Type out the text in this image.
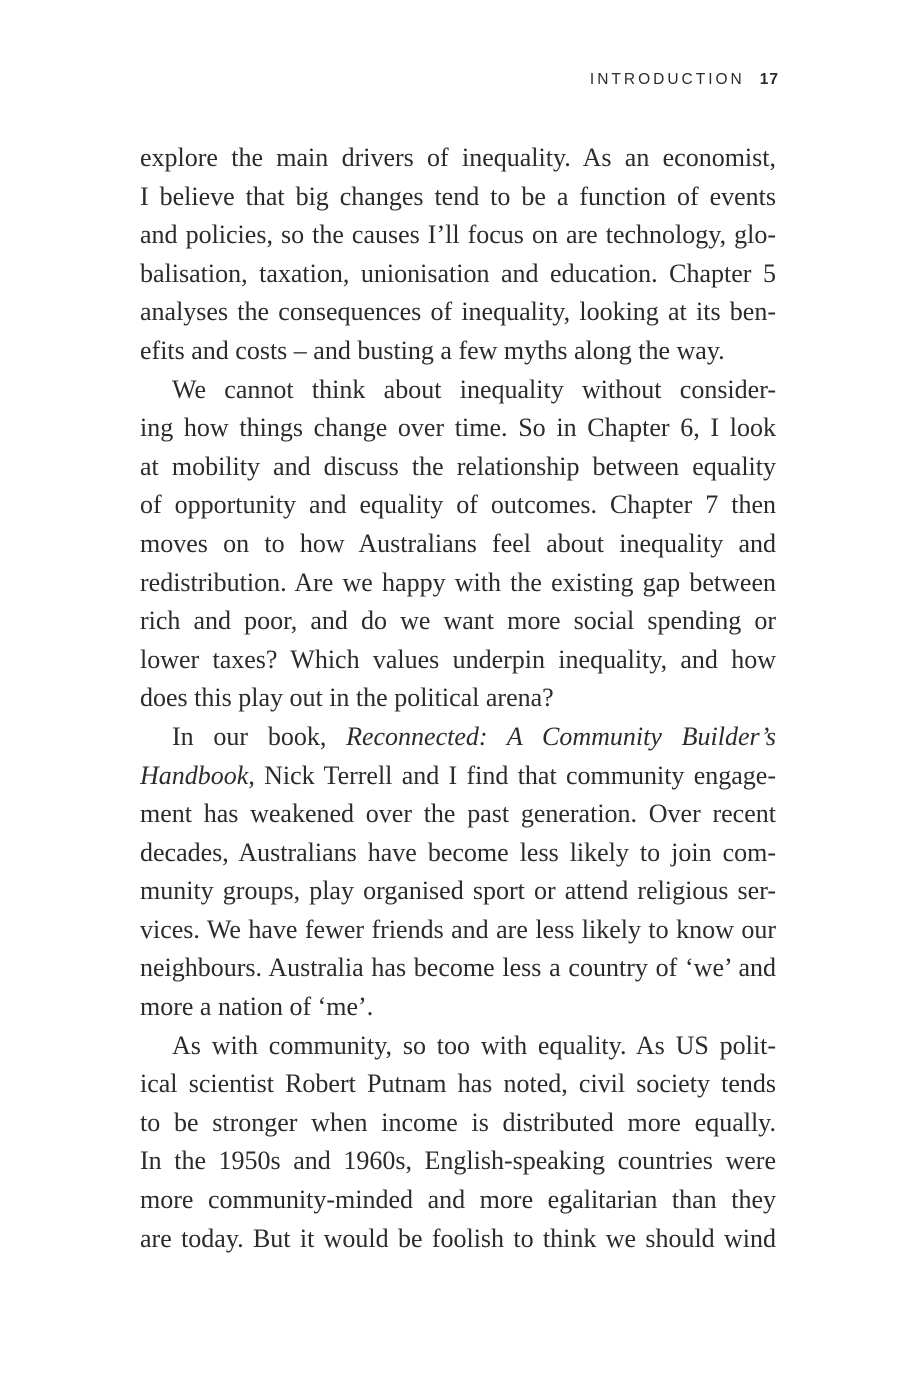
INTRODUCTION 17
explore the main drivers of inequality. As an economist,
I believe that big changes tend to be a function of events
and policies, so the causes I’ll focus on are technology, glo-
balisation, taxation, unionisation and education. Chapter 5
analyses the consequences of inequality, looking at its ben-
efits and costs – and busting a few myths along the way.
We cannot think about inequality without consider-
ing how things change over time. So in Chapter 6, I look
at mobility and discuss the relationship between equality
of opportunity and equality of outcomes. Chapter 7 then
moves on to how Australians feel about inequality and
redistribution. Are we happy with the existing gap between
rich and poor, and do we want more social spending or
lower taxes? Which values underpin inequality, and how
does this play out in the political arena?
In our book, Reconnected: A Community Builder’s
Handbook, Nick Terrell and I find that community engage-
ment has weakened over the past generation. Over recent
decades, Australians have become less likely to join com-
munity groups, play organised sport or attend religious ser-
vices. We have fewer friends and are less likely to know our
neighbours. Australia has become less a country of ‘we’ and
more a nation of ‘me’.
As with community, so too with equality. As US polit-
ical scientist Robert Putnam has noted, civil society tends
to be stronger when income is distributed more equally.
In the 1950s and 1960s, English-speaking countries were
more community-minded and more egalitarian than they
are today. But it would be foolish to think we should wind
